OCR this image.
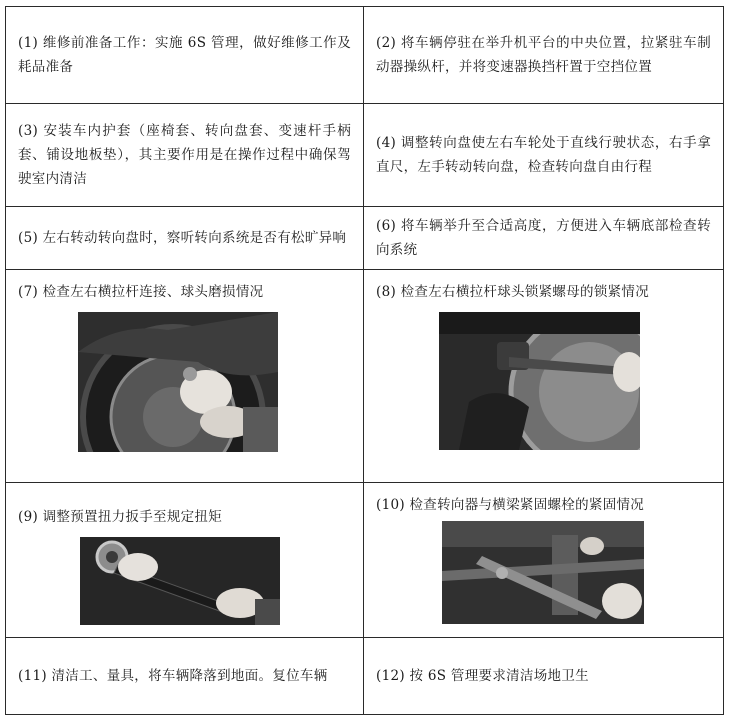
(1) 维修前准备工作：实施 6S 管理，做好维修工作及耗品准备	(2) 将车辆停驻在举升机平台的中央位置，拉紧驻车制动器操纵杆，并将变速器换挡杆置于空挡位置

(3) 安装车内护套（座椅套、转向盘套、变速杆手柄套、铺设地板垫），其主要作用是在操作过程中确保驾驶室内清洁	(4) 调整转向盘使左右车轮处于直线行驶状态，右手拿直尺，左手转动转向盘，检查转向盘自由行程

(5) 左右转动转向盘时，察听转向系统是否有松旷异响	(6) 将车辆举升至合适高度，方便进入车辆底部检查转向系统

(7) 检查左右横拉杆连接、球头磨损情况	(8) 检查左右横拉杆球头锁紧螺母的锁紧情况

(9) 调整预置扭力扳手至规定扭矩	(10) 检查转向器与横梁紧固螺栓的紧固情况

(11) 清洁工、量具，将车辆降落到地面。复位车辆	(12) 按 6S 管理要求清洁场地卫生
